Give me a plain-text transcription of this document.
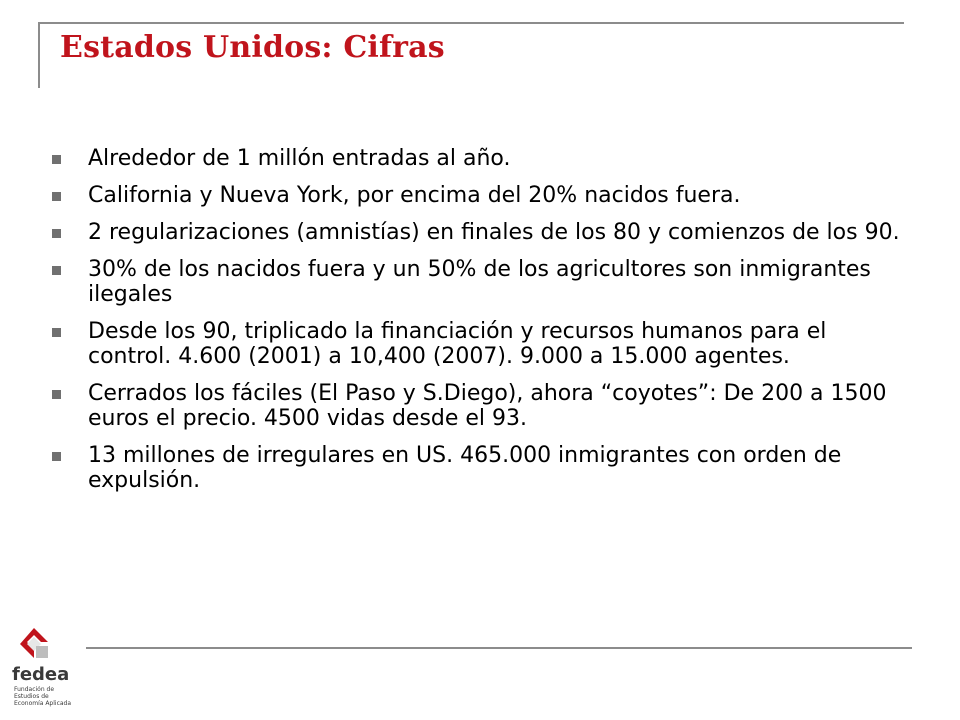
Estados Unidos: Cifras
Alrededor de 1 millón entradas al año.
California y Nueva York, por encima del 20% nacidos fuera.
2 regularizaciones (amnistías) en finales de los 80 y comienzos de los 90.
30% de los nacidos fuera y un 50% de los agricultores son inmigrantes ilegales
Desde los 90, triplicado la financiación y recursos humanos para el control. 4.600 (2001) a 10,400 (2007). 9.000 a 15.000 agentes.
Cerrados los fáciles (El Paso y S.Diego), ahora “coyotes”: De 200 a 1500 euros el precio. 4500 vidas desde el 93.
13 millones de irregulares en US. 465.000 inmigrantes con orden de expulsión.
fedea
Fundación de
Estudios de
Economía Aplicada
